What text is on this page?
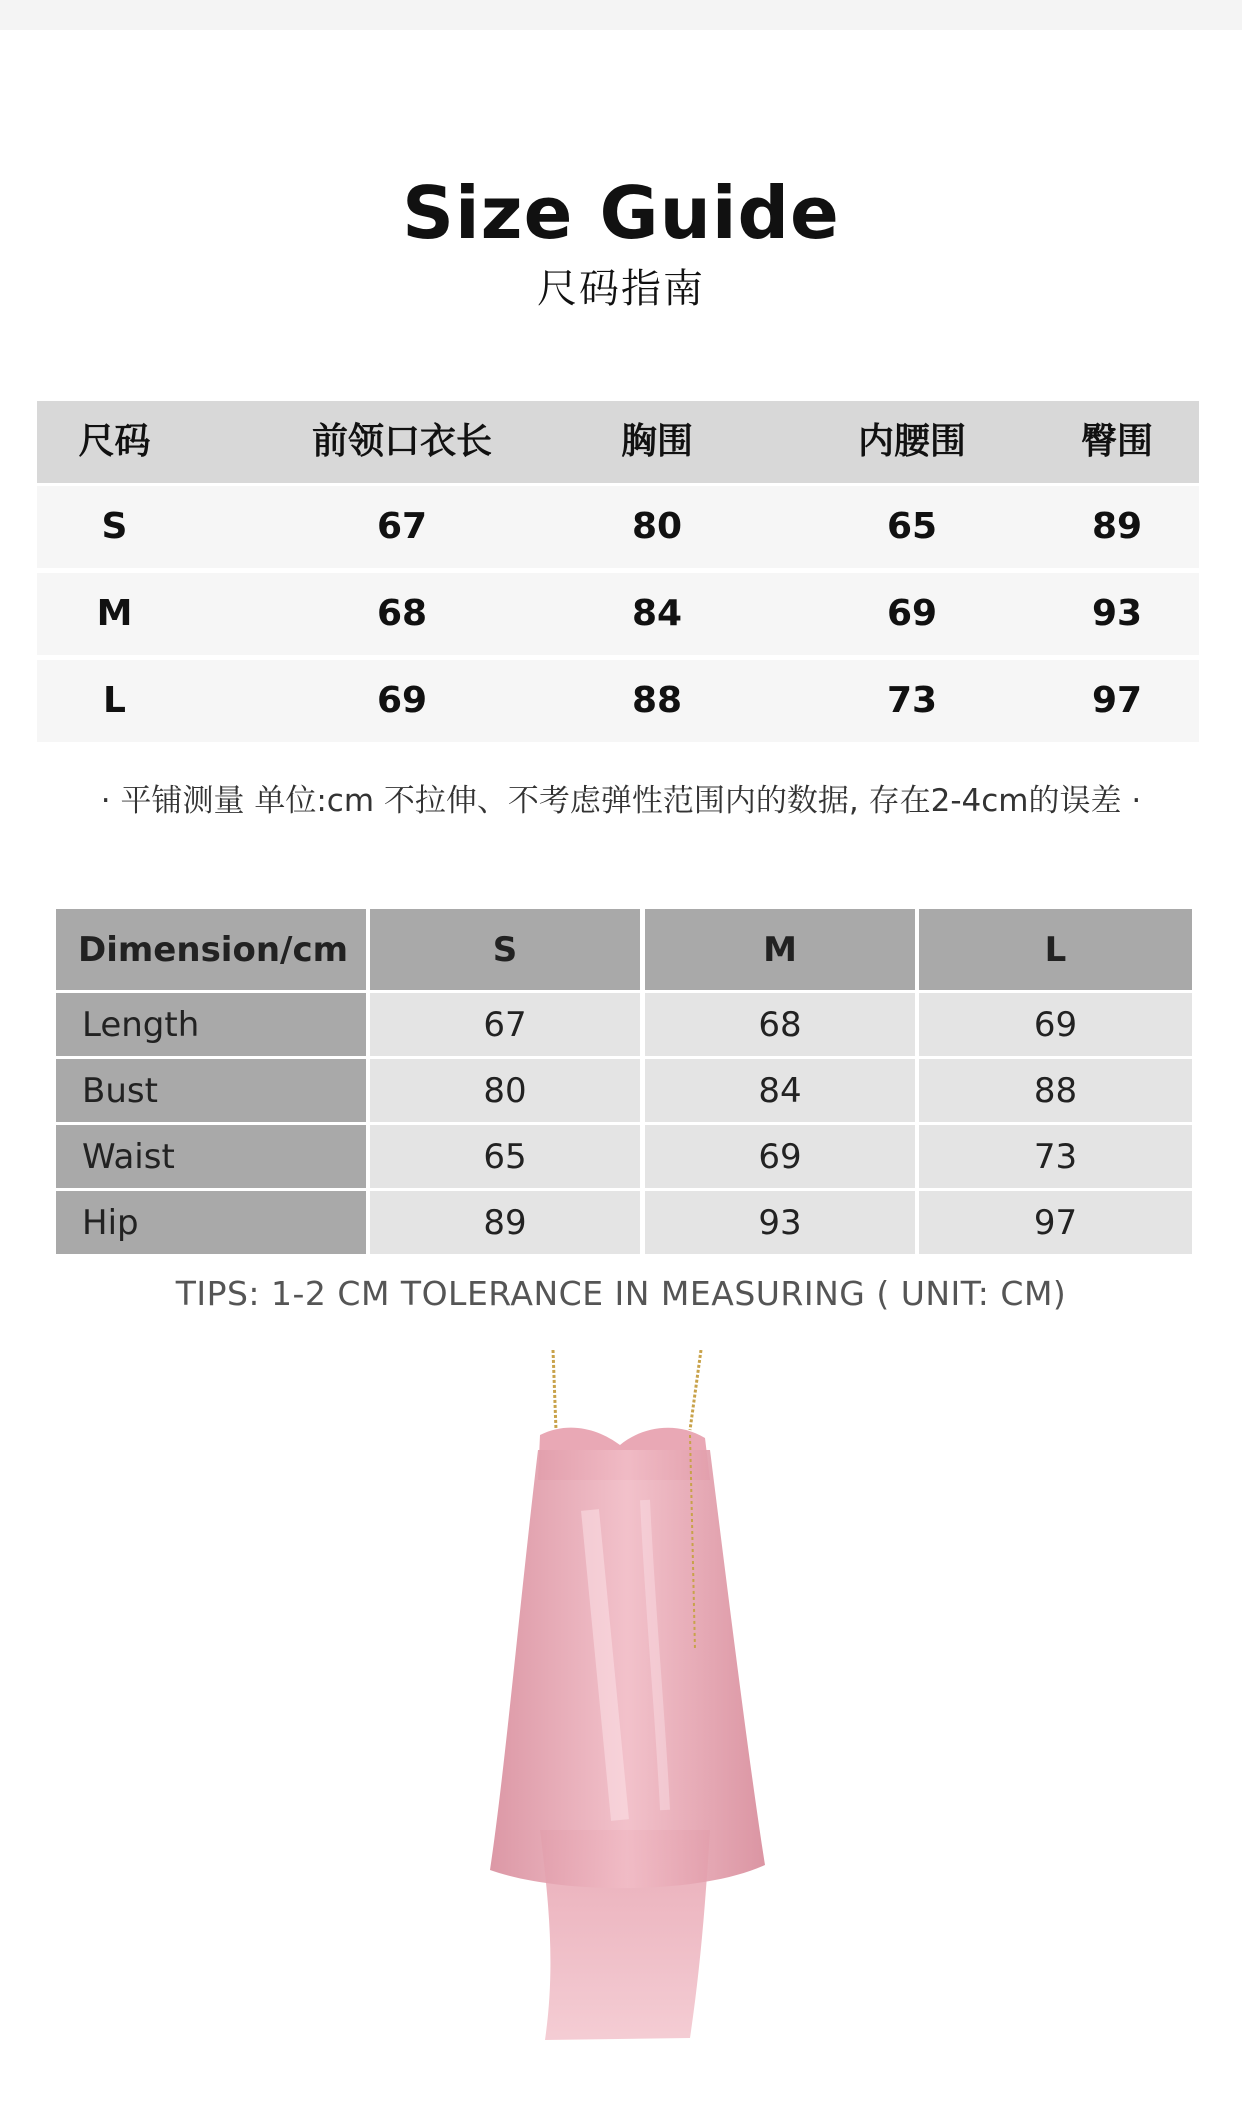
Size Guide
尺码指南
尺码	前领口衣长	胸围	内腰围	臀围
S	67	80	65	89
M	68	84	69	93
L	69	88	73	97
· 平铺测量 单位:cm 不拉伸、不考虑弹性范围内的数据, 存在2-4cm的误差 ·
Dimension/cm	S	M	L
Length	67	68	69
Bust	80	84	88
Waist	65	69	73
Hip	89	93	97
TIPS: 1-2 CM TOLERANCE IN MEASURING ( UNIT: CM)
